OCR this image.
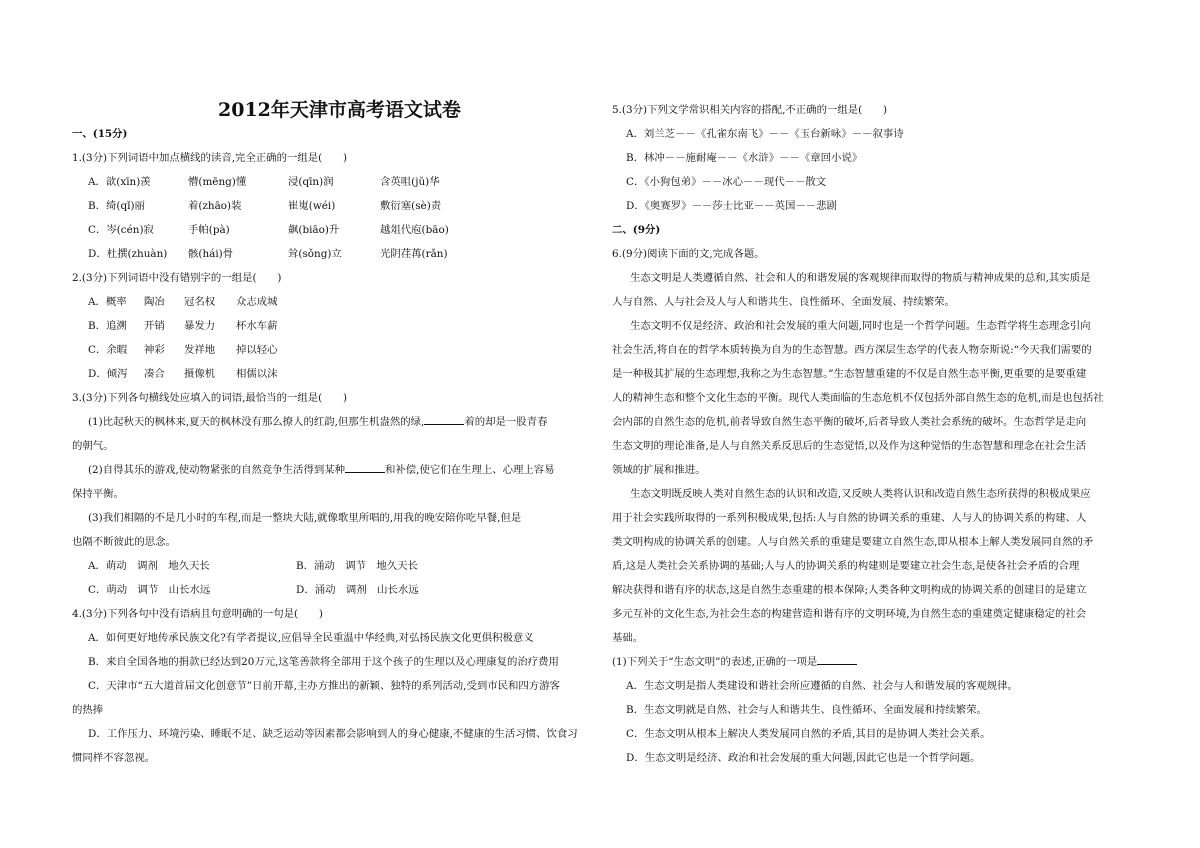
2012年天津市高考语文试卷
一、(15分)
1.(3分)下列词语中加点横线的读音,完全正确的一组是(　　)
A．歆(xīn)羡	懵(mēng)懂	浸(qīn)润	含英咀(jǔ)华
B．绮(qǐ)丽	着(zhāo)装	崔嵬(wéi)	敷衍塞(sè)责
C．岑(cén)寂	手帕(pà)	飙(biāo)升	越俎代庖(bāo)
D．杜撰(zhuàn) 骸(hái)骨	耸(sǒng)立	光阴荏苒(rǎn)
2.(3分)下列词语中没有错别字的一组是(　　)
A．概率 陶冶 冠名权 众志成城
B．追溯 开销 暴发力 杯水车薪
C．余暇 神彩 发祥地 掉以轻心
D．倾泻 凑合 摄像机 相儒以沫
3.(3分)下列各句横线处应填入的词语,最恰当的一组是(　　)
(1)比起秋天的枫林来,夏天的枫林没有那么撩人的红韵,但那生机盎然的绿,	着的却是一股青春
的朝气。
(2)自得其乐的游戏,使动物紧张的自然竞争生活得到某种	和补偿,使它们在生理上、心理上容易
保持平衡。
(3)我们相隔的不是几小时的车程,而是一整块大陆,就像歌里所唱的,用我的晚安陪你吃早餐,但是
也隔不断彼此的思念。
A．萌动　调剂　地久天长	B．涌动　调节　地久天长
C．萌动　调节　山长水远	D．涌动　调剂　山长水远
4.(3分)下列各句中没有语病且句意明确的一句是(　　)
A．如何更好地传承民族文化?有学者提议,应倡导全民重温中华经典,对弘扬民族文化更俱积极意义
B．来自全国各地的捐款已经达到20万元,这笔善款将全部用于这个孩子的生理以及心理康复的治疗费用
C．天津市“五大道首届文化创意节”日前开幕,主办方推出的新颖、独特的系列活动,受到市民和四方游客
的热捧
D．工作压力、环境污染、睡眠不足、缺乏运动等因素都会影响到人的身心健康,不健康的生活习惯、饮食习
惯同样不容忽视。
5.(3分)下列文学常识相关内容的搭配,不正确的一组是(　　)
A．刘兰芝－－《孔雀东南飞》－－《玉台新咏》－－叙事诗
B．林冲－－施耐庵－－《水浒》－－《章回小说》
C．《小狗包弟》－－冰心－－现代－－散文
D．《奥赛罗》－－莎士比亚－－英国－－悲剧
二、(9分)
6.(9分)阅读下面的文,完成各题。
生态文明是人类遵循自然、社会和人的和谐发展的客观规律而取得的物质与精神成果的总和,其实质是
人与自然、人与社会及人与人和谐共生、良性循环、全面发展、持续繁荣。
生态文明不仅是经济、政治和社会发展的重大问题,同时也是一个哲学问题。生态哲学将生态理念引向
社会生活,将自在的哲学本质转换为自为的生态智慧。西方深层生态学的代表人物奈斯说:“今天我们需要的
是一种极其扩展的生态理想,我称之为生态智慧。”生态智慧重建的不仅是自然生态平衡,更重要的是要重建
人的精神生态和整个文化生态的平衡。现代人类面临的生态危机不仅包括外部自然生态的危机,而是也包括社
会内部的自然生态的危机,前者导致自然生态平衡的破坏,后者导致人类社会系统的破坏。生态哲学是走向
生态文明的理论准备,是人与自然关系反思后的生态觉悟,以及作为这种觉悟的生态智慧和理念在社会生活
领域的扩展和推进。
生态文明既反映人类对自然生态的认识和改造,又反映人类将认识和改造自然生态所获得的积极成果应
用于社会实践所取得的一系列积极成果,包括:人与自然的协调关系的重建、人与人的协调关系的构建、人
类文明构成的协调关系的创建。人与自然关系的重建是要建立自然生态,即从根本上解人类发展同自然的矛
盾,这是人类社会关系协调的基础;人与人的协调关系的构建则是要建立社会生态,是使各社会矛盾的合理
解决获得和谐有序的状态,这是自然生态重建的根本保障;人类各种文明构成的协调关系的创建目的是建立
多元互补的文化生态,为社会生态的构建营造和谐有序的文明环境,为自然生态的重建奠定健康稳定的社会
基础。
(1)下列关于“生态文明”的表述,正确的一项是
A．生态文明是指人类建设和谐社会所应遵循的自然、社会与人和谐发展的客观规律。
B．生态文明就是自然、社会与人和谐共生、良性循环、全面发展和持续繁荣。
C．生态文明从根本上解决人类发展同自然的矛盾,其目的是协调人类社会关系。
D．生态文明是经济、政治和社会发展的重大问题,因此它也是一个哲学问题。
